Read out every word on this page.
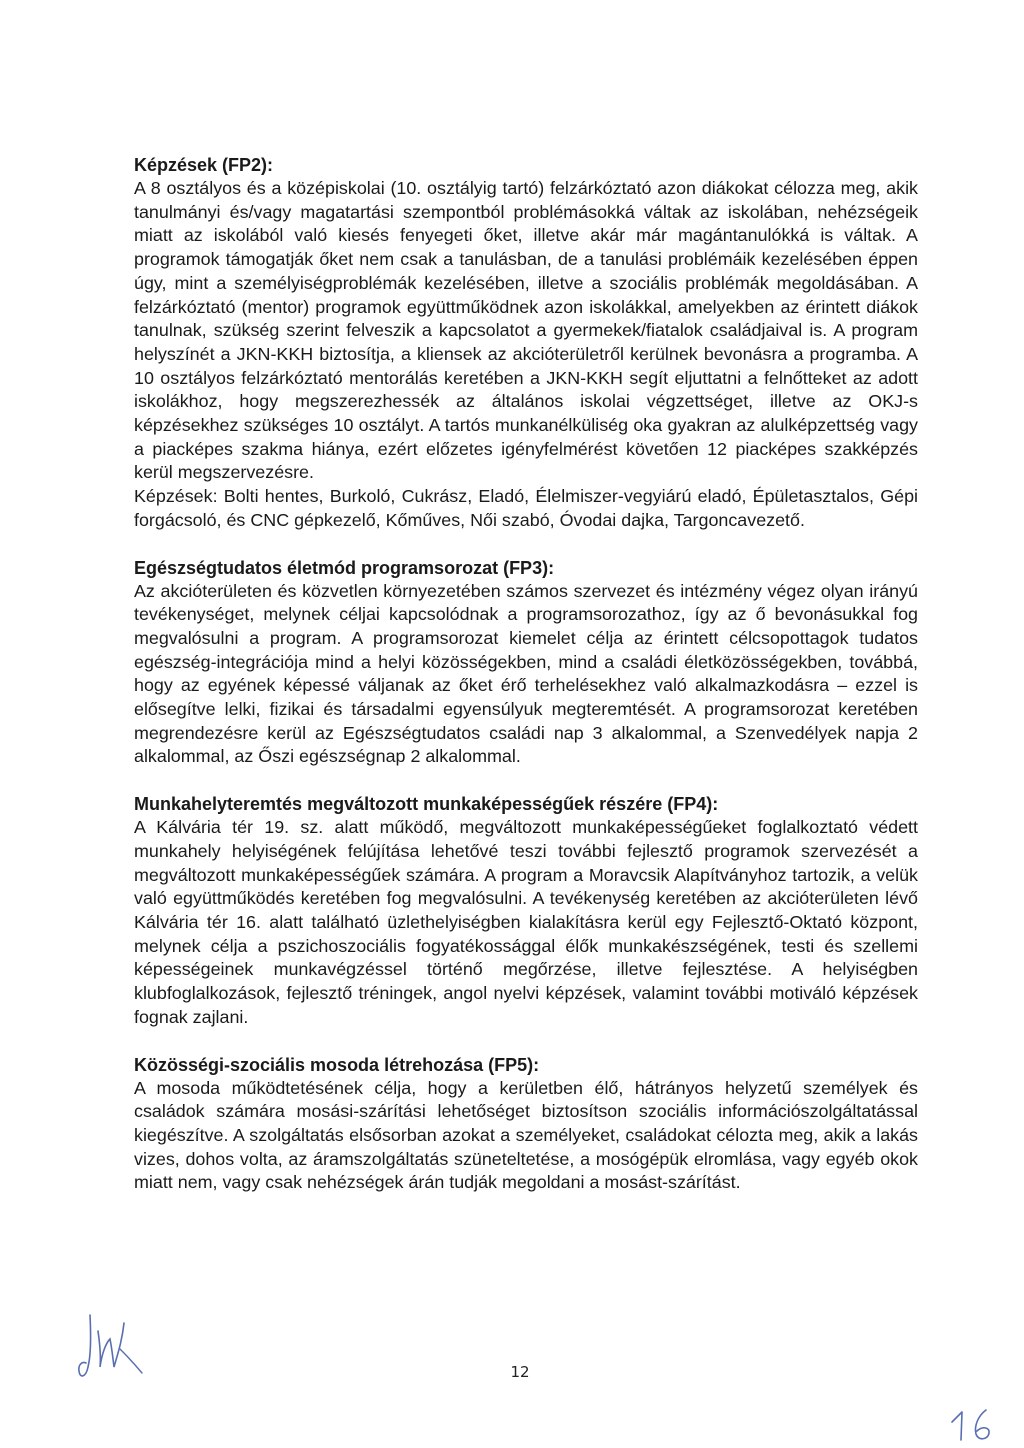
Képzések (FP2):

A 8 osztályos és a középiskolai (10. osztályig tartó) felzárkóztató azon diákokat célozza meg, akik tanulmányi és/vagy magatartási szempontból problémásokká váltak az iskolában, nehézségeik miatt az iskolából való kiesés fenyegeti őket, illetve akár már magántanulókká is váltak. A programok támogatják őket nem csak a tanulásban, de a tanulási problémáik kezelésében éppen úgy, mint a személyiségproblémák kezelésében, illetve a szociális problémák megoldásában. A felzárkóztató (mentor) programok együttműködnek azon iskolákkal, amelyekben az érintett diákok tanulnak, szükség szerint felveszik a kapcsolatot a gyermekek/fiatalok családjaival is. A program helyszínét a JKN-KKH biztosítja, a kliensek az akcióterületről kerülnek bevonásra a programba. A 10 osztályos felzárkóztató mentorálás keretében a JKN-KKH segít eljuttatni a felnőtteket az adott iskolákhoz, hogy megszerezhessék az általános iskolai végzettséget, illetve az OKJ-s képzésekhez szükséges 10 osztályt. A tartós munkanélküliség oka gyakran az alulképzettség vagy a piacképes szakma hiánya, ezért előzetes igényfelmérést követően 12 piacképes szakképzés kerül megszervezésre.

Képzések: Bolti hentes, Burkoló, Cukrász, Eladó, Élelmiszer-vegyiárú eladó, Épületasztalos, Gépi forgácsoló, és CNC gépkezelő, Kőműves, Női szabó, Óvodai dajka, Targoncavezető.

Egészségtudatos életmód programsorozat (FP3):

Az akcióterületen és közvetlen környezetében számos szervezet és intézmény végez olyan irányú tevékenységet, melynek céljai kapcsolódnak a programsorozathoz, így az ő bevonásukkal fog megvalósulni a program. A programsorozat kiemelet célja az érintett célcsopottagok tudatos egészség-integrációja mind a helyi közösségekben, mind a családi életközösségekben, továbbá, hogy az egyének képessé váljanak az őket érő terhelésekhez való alkalmazkodásra – ezzel is elősegítve lelki, fizikai és társadalmi egyensúlyuk megteremtését. A programsorozat keretében megrendezésre kerül az Egészségtudatos családi nap 3 alkalommal, a Szenvedélyek napja 2 alkalommal, az Őszi egészségnap 2 alkalommal.

Munkahelyteremtés megváltozott munkaképességűek részére (FP4):

A Kálvária tér 19. sz. alatt működő, megváltozott munkaképességűeket foglalkoztató védett munkahely helyiségének felújítása lehetővé teszi további fejlesztő programok szervezését a megváltozott munkaképességűek számára. A program a Moravcsik Alapítványhoz tartozik, a velük való együttműködés keretében fog megvalósulni. A tevékenység keretében az akcióterületen lévő Kálvária tér 16. alatt található üzlethelyiségben kialakításra kerül egy Fejlesztő-Oktató központ, melynek célja a pszichoszociális fogyatékossággal élők munkakészségének, testi és szellemi képességeinek munkavégzéssel történő megőrzése, illetve fejlesztése. A helyiségben klubfoglalkozások, fejlesztő tréningek, angol nyelvi képzések, valamint további motiváló képzések fognak zajlani.

Közösségi-szociális mosoda létrehozása (FP5):

A mosoda működtetésének célja, hogy a kerületben élő, hátrányos helyzetű személyek és családok számára mosási-szárítási lehetőséget biztosítson szociális információszolgáltatással kiegészítve. A szolgáltatás elsősorban azokat a személyeket, családokat célozta meg, akik a lakás vizes, dohos volta, az áramszolgáltatás szüneteltetése, a mosógépük elromlása, vagy egyéb okok miatt nem, vagy csak nehézségek árán tudják megoldani a mosást-szárítást.

12
